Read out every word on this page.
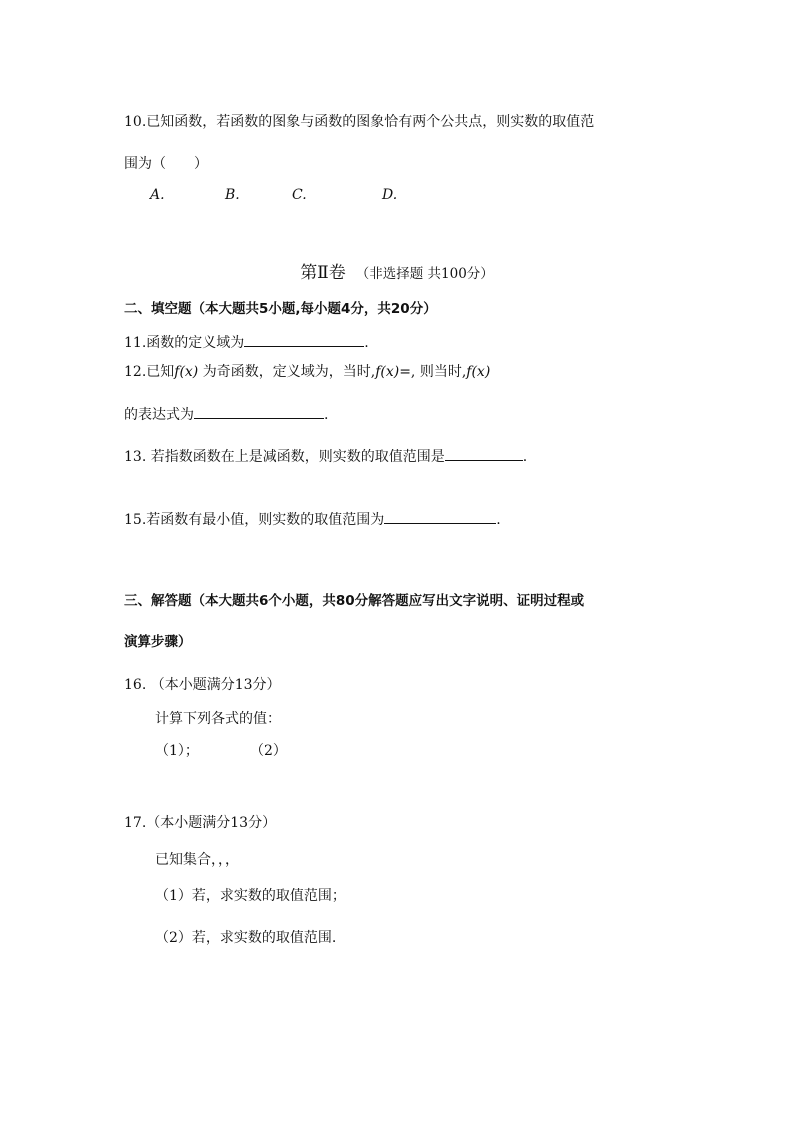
10.已知函数，若函数的图象与函数的图象恰有两个公共点，则实数的取值范
围为（　　）
A.	B.	C.	D.
第Ⅱ卷 （非选择题 共100分）
二、填空题（本大题共5小题,每小题4分，共20分）
11.函数的定义域为	.
12.已知f(x) 为奇函数，定义域为，当时,f(x)=, 则当时,f(x)
的表达式为	.
13. 若指数函数在上是减函数，则实数的取值范围是	.
15.若函数有最小值，则实数的取值范围为	.
三、解答题（本大题共6个小题，共80分解答题应写出文字说明、证明过程或
演算步骤）
16. （本小题满分13分）
计算下列各式的值：
（1）；	（2）
17.（本小题满分13分）
已知集合，，，
（1）若，求实数的取值范围；
（2）若，求实数的取值范围.
